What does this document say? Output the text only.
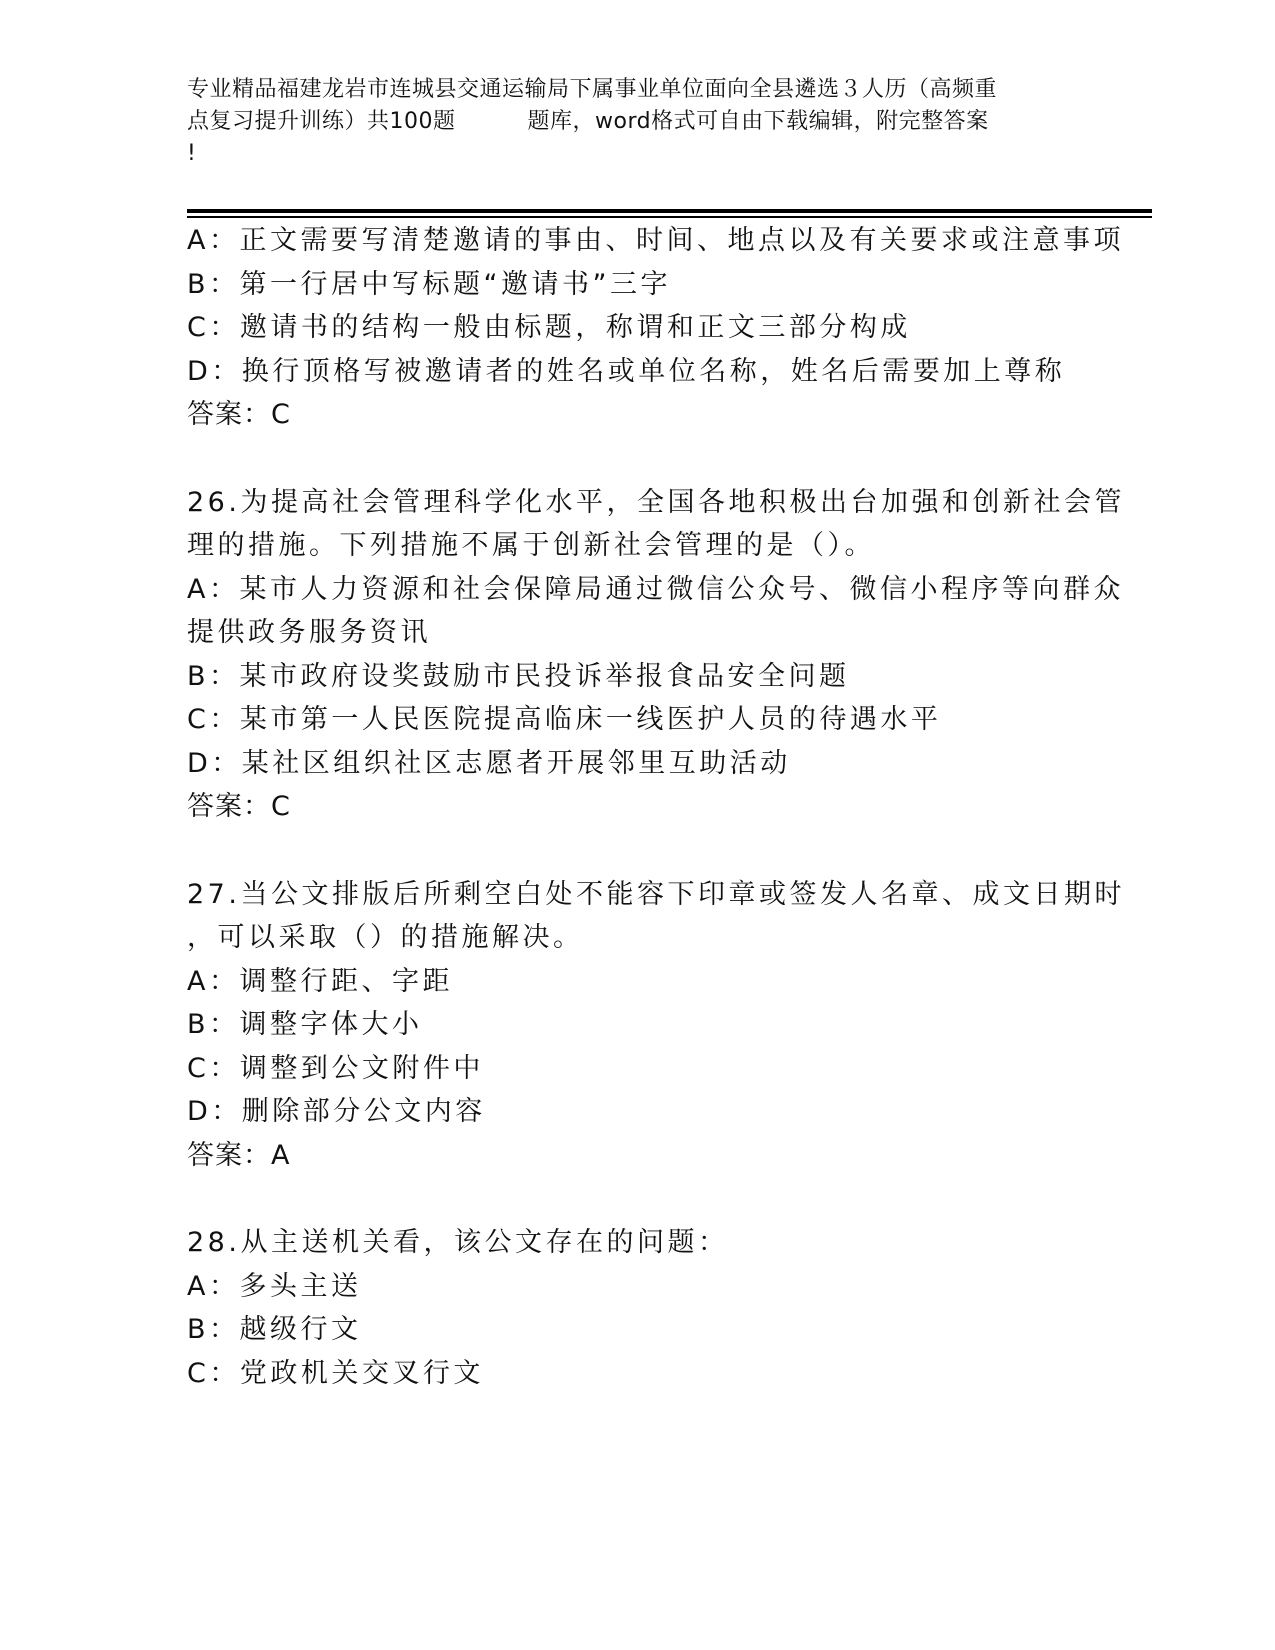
专业精品福建龙岩市连城县交通运输局下属事业单位面向全县遴选３人历（高频重
点复习提升训练）共100题	题库，word格式可自由下载编辑，附完整答案
!
A：正文需要写清楚邀请的事由、时间、地点以及有关要求或注意事项
B：第一行居中写标题“邀请书”三字
C：邀请书的结构一般由标题，称谓和正文三部分构成
D：换行顶格写被邀请者的姓名或单位名称，姓名后需要加上尊称
答案：C
26.为提高社会管理科学化水平，全国各地积极出台加强和创新社会管
理的措施。下列措施不属于创新社会管理的是（）。
A：某市人力资源和社会保障局通过微信公众号、微信小程序等向群众
提供政务服务资讯
B：某市政府设奖鼓励市民投诉举报食品安全问题
C：某市第一人民医院提高临床一线医护人员的待遇水平
D：某社区组织社区志愿者开展邻里互助活动
答案：C
27.当公文排版后所剩空白处不能容下印章或签发人名章、成文日期时
，可以采取（）的措施解决。
A：调整行距、字距
B：调整字体大小
C：调整到公文附件中
D：删除部分公文内容
答案：A
28.从主送机关看，该公文存在的问题：
A：多头主送
B：越级行文
C：党政机关交叉行文
